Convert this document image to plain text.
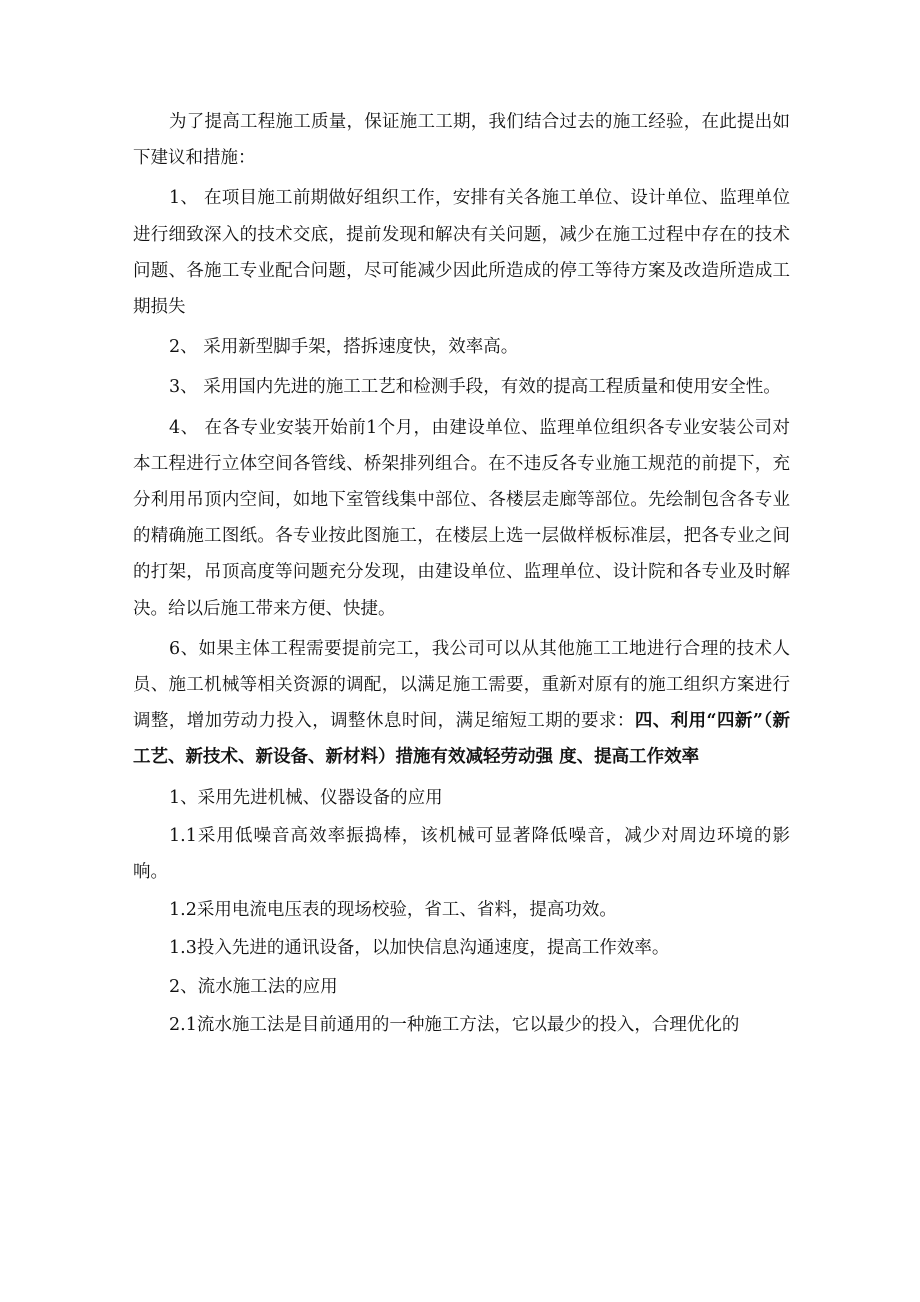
为了提高工程施工质量，保证施工工期，我们结合过去的施工经验，在此提出如下建议和措施：

1、 在项目施工前期做好组织工作，安排有关各施工单位、设计单位、监理单位进行细致深入的技术交底，提前发现和解决有关问题，减少在施工过程中存在的技术问题、各施工专业配合问题，尽可能减少因此所造成的停工等待方案及改造所造成工期损失

2、 采用新型脚手架，搭拆速度快，效率高。

3、 采用国内先进的施工工艺和检测手段，有效的提高工程质量和使用安全性。

4、 在各专业安装开始前1个月，由建设单位、监理单位组织各专业安装公司对本工程进行立体空间各管线、桥架排列组合。在不违反各专业施工规范的前提下，充分利用吊顶内空间，如地下室管线集中部位、各楼层走廊等部位。先绘制包含各专业的精确施工图纸。各专业按此图施工，在楼层上选一层做样板标准层，把各专业之间的打架，吊顶高度等问题充分发现，由建设单位、监理单位、设计院和各专业及时解决。给以后施工带来方便、快捷。

6、如果主体工程需要提前完工，我公司可以从其他施工工地进行合理的技术人员、施工机械等相关资源的调配，以满足施工需要，重新对原有的施工组织方案进行调整，增加劳动力投入，调整休息时间，满足缩短工期的要求：四、利用“四新”（新工艺、新技术、新设备、新材料）措施有效减轻劳动强 度、提高工作效率

1、采用先进机械、仪器设备的应用

1.1采用低噪音高效率振捣棒，该机械可显著降低噪音，减少对周边环境的影响。

1.2采用电流电压表的现场校验，省工、省料，提高功效。

1.3投入先进的通讯设备，以加快信息沟通速度，提高工作效率。

2、流水施工法的应用

2.1流水施工法是目前通用的一种施工方法，它以最少的投入，合理优化的
